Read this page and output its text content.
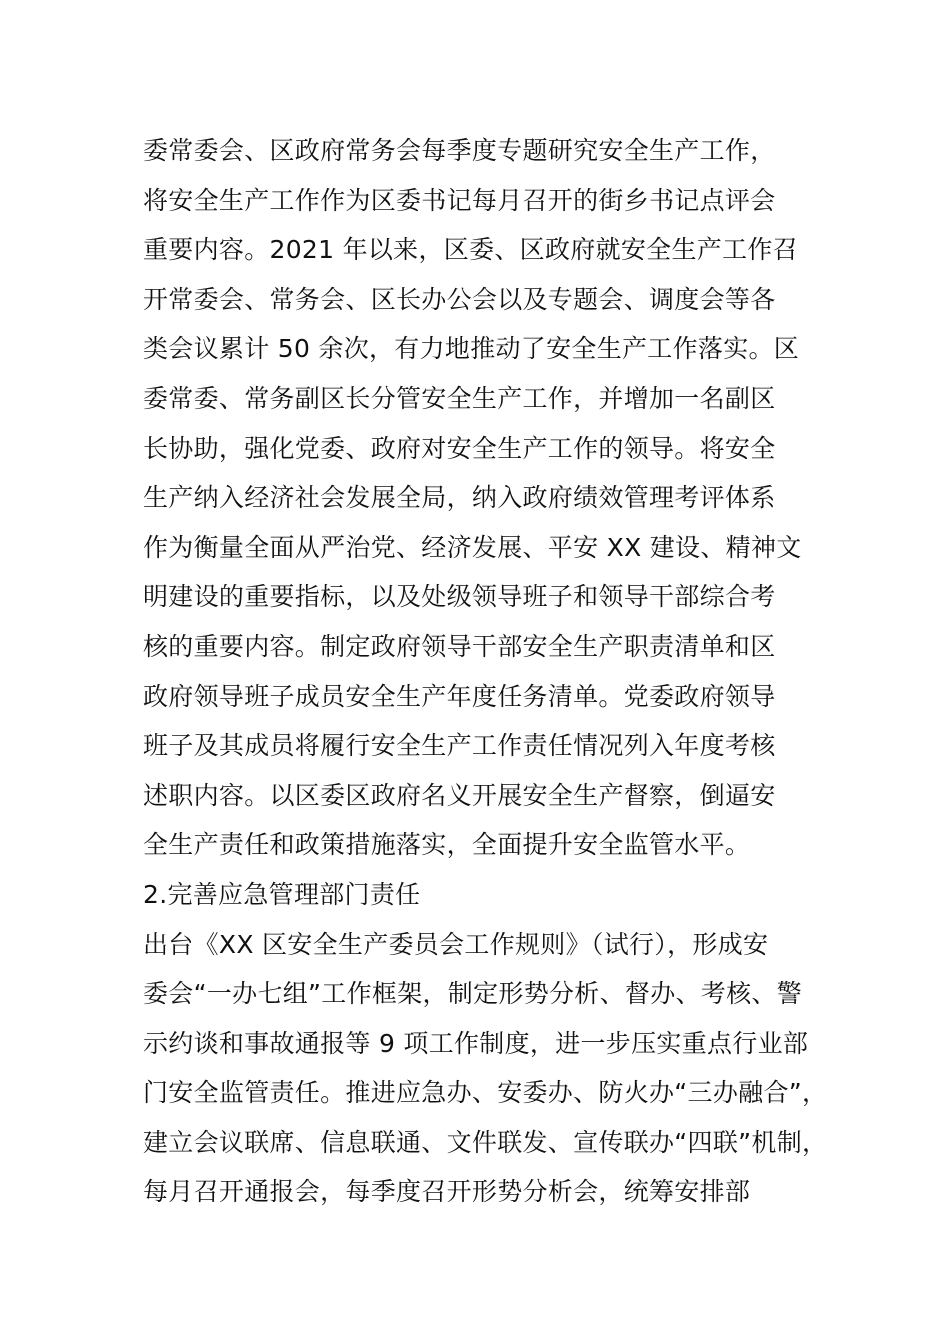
委常委会、区政府常务会每季度专题研究安全生产工作，
将安全生产工作作为区委书记每月召开的街乡书记点评会
重要内容。2021 年以来，区委、区政府就安全生产工作召
开常委会、常务会、区长办公会以及专题会、调度会等各
类会议累计 50 余次，有力地推动了安全生产工作落实。区
委常委、常务副区长分管安全生产工作，并增加一名副区
长协助，强化党委、政府对安全生产工作的领导。将安全
生产纳入经济社会发展全局，纳入政府绩效管理考评体系
作为衡量全面从严治党、经济发展、平安 XX 建设、精神文
明建设的重要指标，以及处级领导班子和领导干部综合考
核的重要内容。制定政府领导干部安全生产职责清单和区
政府领导班子成员安全生产年度任务清单。党委政府领导
班子及其成员将履行安全生产工作责任情况列入年度考核
述职内容。以区委区政府名义开展安全生产督察，倒逼安
全生产责任和政策措施落实，全面提升安全监管水平。
2.完善应急管理部门责任
出台《XX 区安全生产委员会工作规则》（试行），形成安
委会“一办七组”工作框架，制定形势分析、督办、考核、警
示约谈和事故通报等 9 项工作制度，进一步压实重点行业部
门安全监管责任。推进应急办、安委办、防火办“三办融合”，
建立会议联席、信息联通、文件联发、宣传联办“四联”机制，
每月召开通报会，每季度召开形势分析会，统筹安排部
